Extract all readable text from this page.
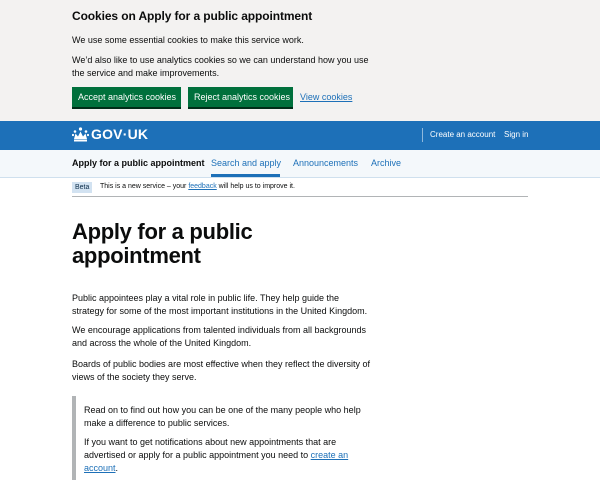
Cookies on Apply for a public appointment
We use some essential cookies to make this service work.
We’d also like to use analytics cookies so we can understand how you use the service and make improvements.
Accept analytics cookies	Reject analytics cookies	View cookies
GOV·UK	Create an account Sign in
Apply for a public appointment Search and apply Announcements Archive
Beta	This is a new service – your feedback will help us to improve it.
Apply for a public appointment

Public appointees play a vital role in public life. They help guide the strategy for some of the most important institutions in the United Kingdom.

We encourage applications from talented individuals from all backgrounds and across the whole of the United Kingdom.

Boards of public bodies are most effective when they reflect the diversity of views of the society they serve.

Read on to find out how you can be one of the many people who help make a difference to public services.

If you want to get notifications about new appointments that are advertised or apply for a public appointment you need to create an account.
